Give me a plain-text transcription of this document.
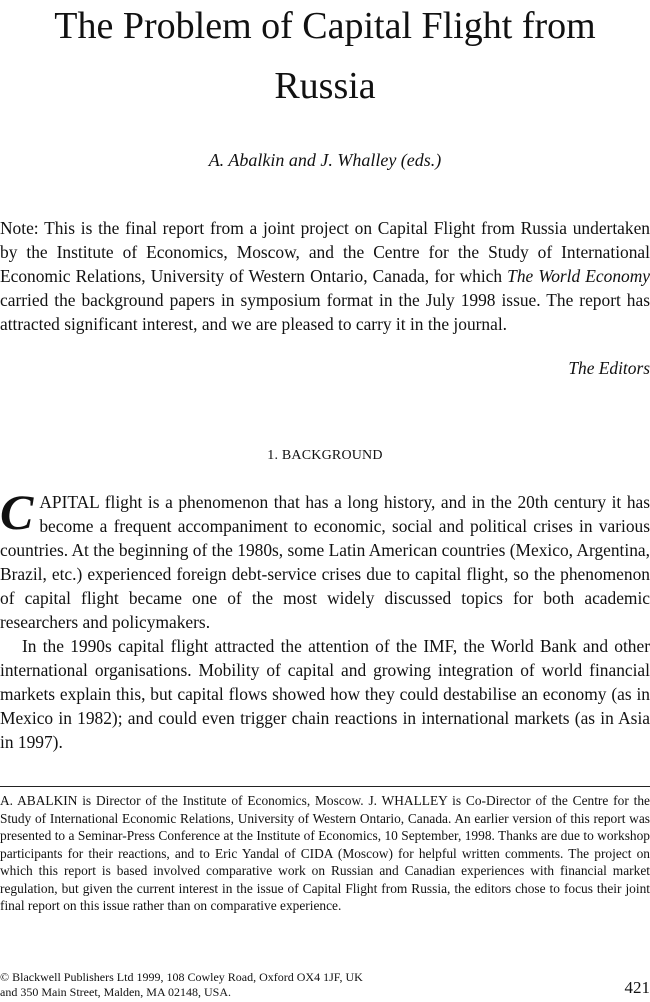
The Problem of Capital Flight from Russia
A. Abalkin and J. Whalley (eds.)

Note: This is the final report from a joint project on Capital Flight from Russia undertaken by the Institute of Economics, Moscow, and the Centre for the Study of International Economic Relations, University of Western Ontario, Canada, for which The World Economy carried the background papers in symposium format in the July 1998 issue. The report has attracted significant interest, and we are pleased to carry it in the journal.

The Editors
1. BACKGROUND

CAPITAL flight is a phenomenon that has a long history, and in the 20th century it has become a frequent accompaniment to economic, social and political crises in various countries. At the beginning of the 1980s, some Latin American countries (Mexico, Argentina, Brazil, etc.) experienced foreign debt-service crises due to capital flight, so the phenomenon of capital flight became one of the most widely discussed topics for both academic researchers and policymakers.

In the 1990s capital flight attracted the attention of the IMF, the World Bank and other international organisations. Mobility of capital and growing integration of world financial markets explain this, but capital flows showed how they could destabilise an economy (as in Mexico in 1982); and could even trigger chain reactions in international markets (as in Asia in 1997).

A. ABALKIN is Director of the Institute of Economics, Moscow. J. WHALLEY is Co-Director of the Centre for the Study of International Economic Relations, University of Western Ontario, Canada. An earlier version of this report was presented to a Seminar-Press Conference at the Institute of Economics, 10 September, 1998. Thanks are due to workshop participants for their reactions, and to Eric Yandal of CIDA (Moscow) for helpful written comments. The project on which this report is based involved comparative work on Russian and Canadian experiences with financial market regulation, but given the current interest in the issue of Capital Flight from Russia, the editors chose to focus their joint final report on this issue rather than on comparative experience.

© Blackwell Publishers Ltd 1999, 108 Cowley Road, Oxford OX4 1JF, UK
and 350 Main Street, Malden, MA 02148, USA.	421
